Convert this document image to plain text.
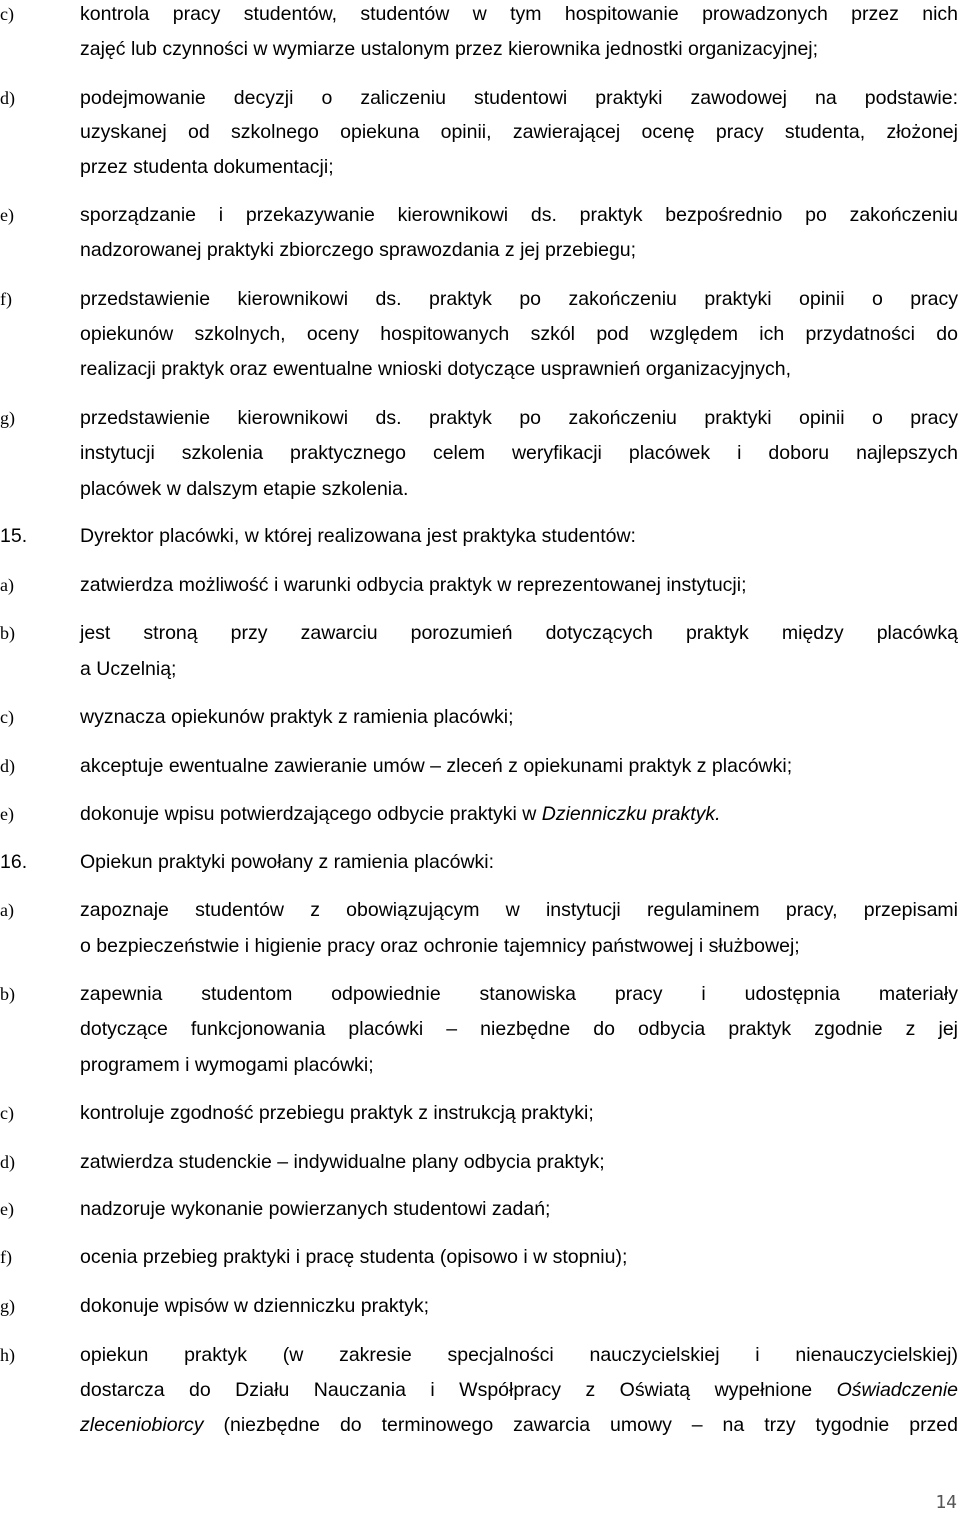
c)	kontrola pracy studentów, studentów w tym hospitowanie prowadzonych przez nich
zajęć lub czynności w wymiarze ustalonym przez kierownika jednostki organizacyjnej;
d)	podejmowanie decyzji o zaliczeniu studentowi praktyki zawodowej na podstawie:
uzyskanej od szkolnego opiekuna opinii, zawierającej ocenę pracy studenta, złożonej
przez studenta dokumentacji;
e)	sporządzanie i przekazywanie kierownikowi ds. praktyk bezpośrednio po zakończeniu
nadzorowanej praktyki zbiorczego sprawozdania z jej przebiegu;
f)	przedstawienie kierownikowi ds. praktyk po zakończeniu praktyki opinii o pracy
opiekunów szkolnych, oceny hospitowanych szkól pod względem ich przydatności do
realizacji praktyk oraz ewentualne wnioski dotyczące usprawnień organizacyjnych,
g)	przedstawienie kierownikowi ds. praktyk po zakończeniu praktyki opinii o pracy
instytucji szkolenia praktycznego celem weryfikacji placówek i doboru najlepszych
placówek w dalszym etapie szkolenia.
15.	Dyrektor placówki, w której realizowana jest praktyka studentów:
a)	zatwierdza możliwość i warunki odbycia praktyk w reprezentowanej instytucji;
b)	jest stroną przy zawarciu porozumień dotyczących praktyk między placówką
a Uczelnią;
c)	wyznacza opiekunów praktyk z ramienia placówki;
d)	akceptuje ewentualne zawieranie umów – zleceń z opiekunami praktyk z placówki;
e)	dokonuje wpisu potwierdzającego odbycie praktyki w Dzienniczku praktyk.
16.	Opiekun praktyki powołany z ramienia placówki:
a)	zapoznaje studentów z obowiązującym w instytucji regulaminem pracy, przepisami
o bezpieczeństwie i higienie pracy oraz ochronie tajemnicy państwowej i służbowej;
b)	zapewnia studentom odpowiednie stanowiska pracy i udostępnia materiały
dotyczące funkcjonowania placówki – niezbędne do odbycia praktyk zgodnie z jej
programem i wymogami placówki;
c)	kontroluje zgodność przebiegu praktyk z instrukcją praktyki;
d)	zatwierdza studenckie – indywidualne plany odbycia praktyk;
e)	nadzoruje wykonanie powierzanych studentowi zadań;
f)	ocenia przebieg praktyki i pracę studenta (opisowo i w stopniu);
g)	dokonuje wpisów w dzienniczku praktyk;
h)	opiekun praktyk (w zakresie specjalności nauczycielskiej i nienauczycielskiej)
dostarcza do Działu Nauczania i Współpracy z Oświatą wypełnione Oświadczenie
zleceniobiorcy (niezbędne do terminowego zawarcia umowy – na trzy tygodnie przed
14
